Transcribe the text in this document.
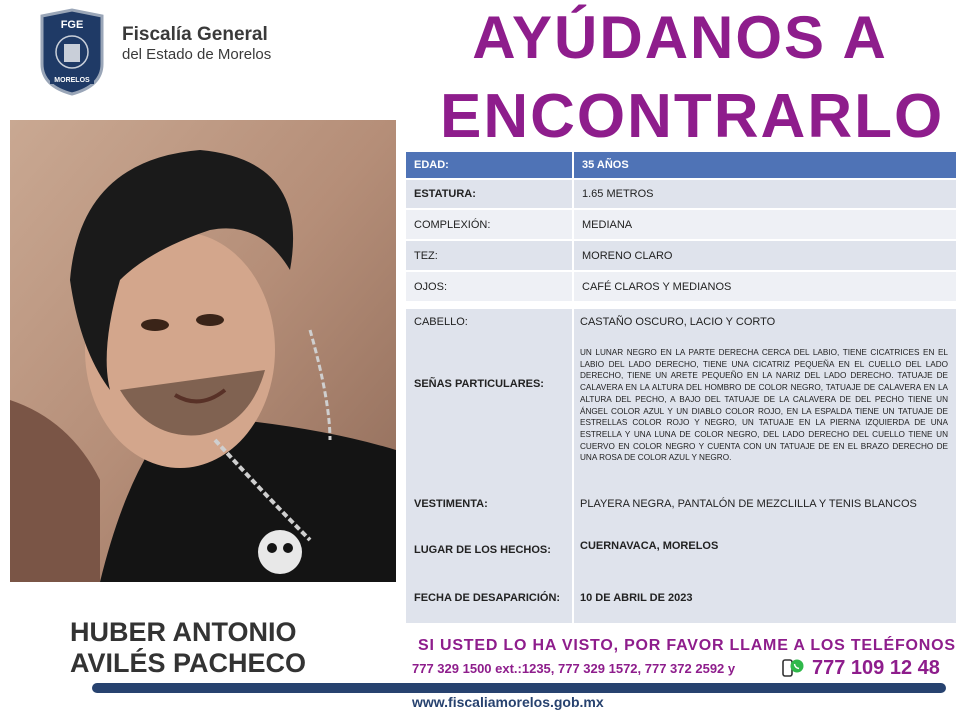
FGE
MORELOS
Fiscalía General
del Estado de Morelos	AYÚDANOS A
ENCONTRARLO
HUBER ANTONIO
AVILÉS PACHECO
EDAD:	35 AÑOS
ESTATURA:	1.65 METROS
COMPLEXIÓN:	MEDIANA
TEZ:	MORENO CLARO
OJOS:	CAFÉ CLAROS Y MEDIANOS
CABELLO:	CASTAÑO OSCURO, LACIO Y CORTO
SEÑAS PARTICULARES:
UN LUNAR NEGRO EN LA PARTE DERECHA CERCA DEL LABIO, TIENE CICATRICES EN EL LABIO DEL LADO DERECHO, TIENE UNA CICATRIZ PEQUEÑA EN EL CUELLO DEL LADO DERECHO, TIENE UN ARETE PEQUEÑO EN LA NARIZ DEL LADO DERECHO. TATUAJE DE CALAVERA EN LA ALTURA DEL HOMBRO DE COLOR NEGRO, TATUAJE DE CALAVERA EN LA ALTURA DEL PECHO, A BAJO DEL TATUAJE DE LA CALAVERA DE DEL PECHO TIENE UN ÁNGEL COLOR AZUL Y UN DIABLO COLOR ROJO, EN LA ESPALDA TIENE UN TATUAJE DE ESTRELLAS COLOR ROJO Y NEGRO, UN TATUAJE EN LA PIERNA IZQUIERDA DE UNA ESTRELLA Y UNA LUNA DE COLOR NEGRO, DEL LADO DERECHO DEL CUELLO TIENE UN CUERVO EN COLOR NEGRO Y CUENTA CON UN TATUAJE DE EN EL BRAZO DERECHO DE UNA ROSA DE COLOR AZUL Y NEGRO.
VESTIMENTA:	PLAYERA NEGRA, PANTALÓN DE MEZCLILLA Y TENIS BLANCOS
LUGAR DE LOS HECHOS:	CUERNAVACA, MORELOS
FECHA DE DESAPARICIÓN: 10 DE ABRIL DE 2023
SI USTED LO HA VISTO, POR FAVOR LLAME A LOS TELÉFONOS
777 329 1500 ext.:1235, 777 329 1572, 777 372 2592 y	777 109 12 48
www.fiscaliamorelos.gob.mx
